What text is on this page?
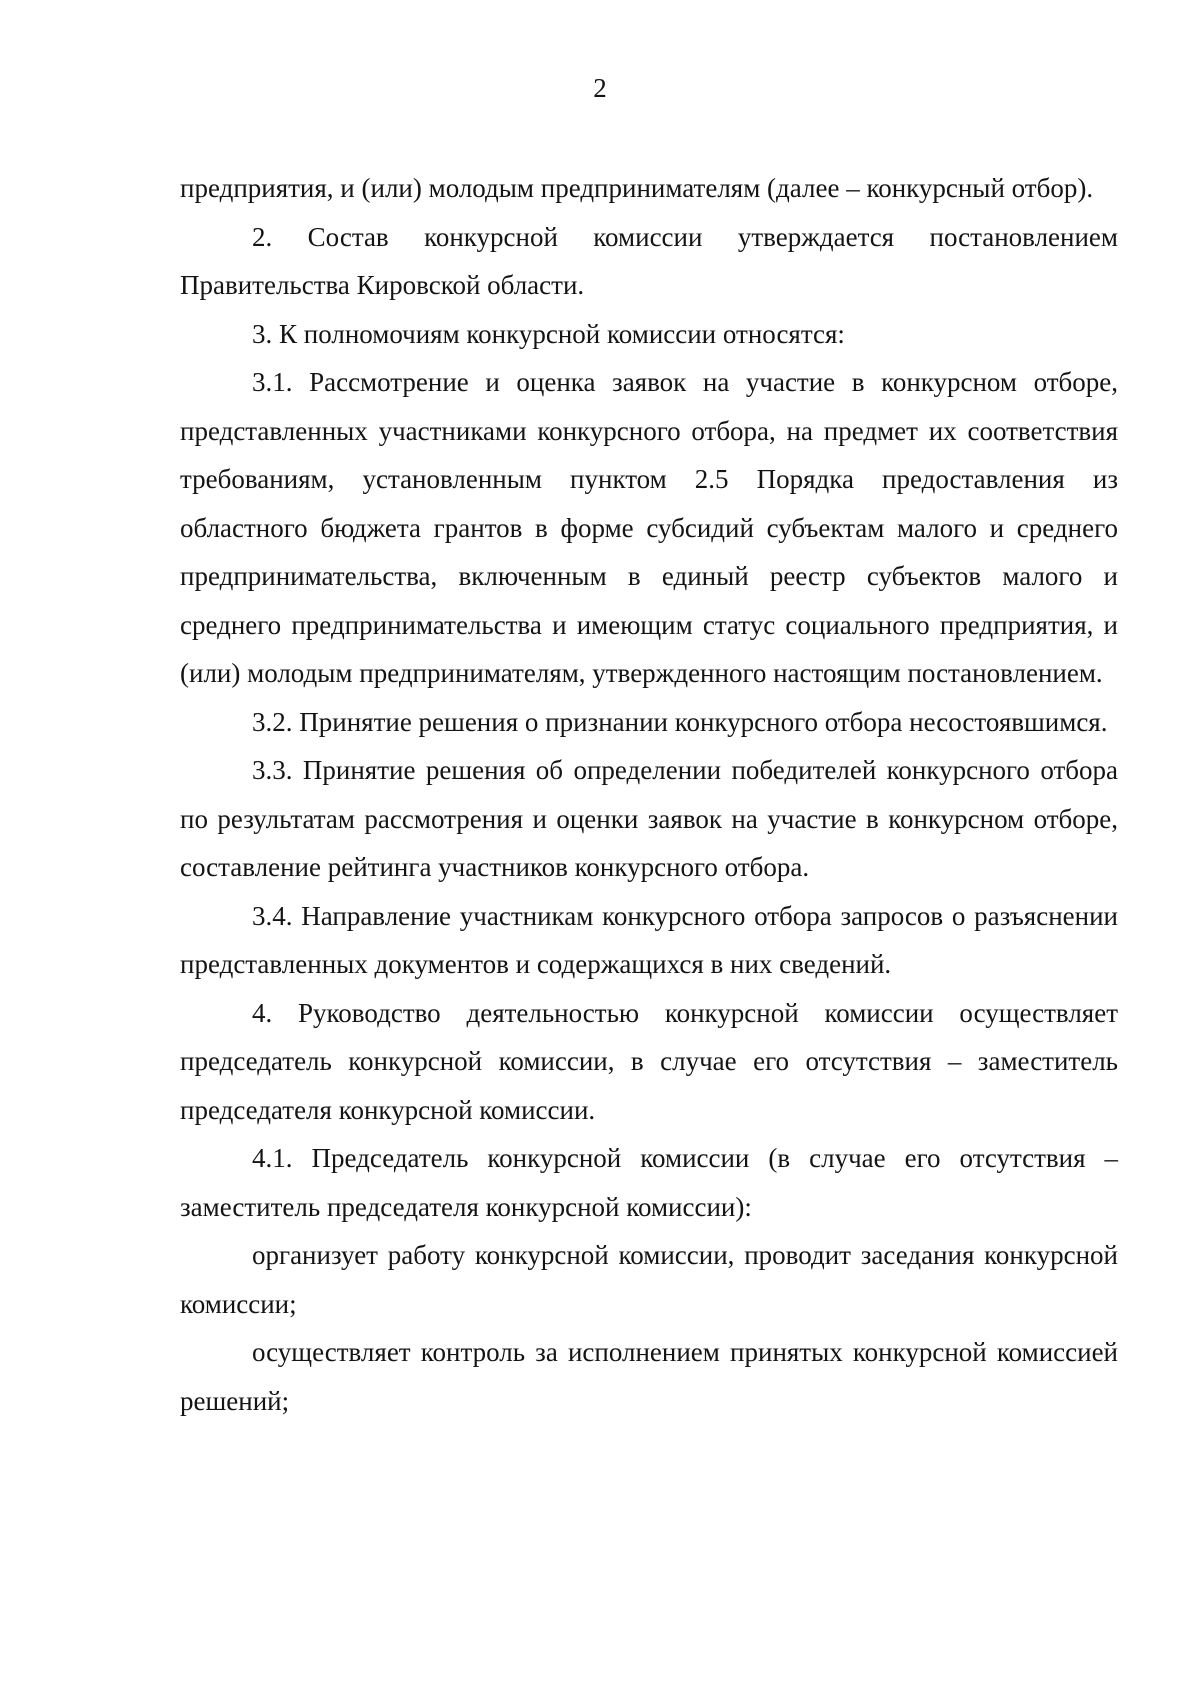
2

предприятия, и (или) молодым предпринимателям (далее – конкурсный отбор).

2. Состав конкурсной комиссии утверждается постановлением Правительства Кировской области.

3. К полномочиям конкурсной комиссии относятся:

3.1. Рассмотрение и оценка заявок на участие в конкурсном отборе, представленных участниками конкурсного отбора, на предмет их соответствия требованиям, установленным пунктом 2.5 Порядка предоставления из областного бюджета грантов в форме субсидий субъектам малого и среднего предпринимательства, включенным в единый реестр субъектов малого и среднего предпринимательства и имеющим статус социального предприятия, и (или) молодым предпринимателям, утвержденного настоящим постановлением.

3.2. Принятие решения о признании конкурсного отбора несостоявшимся.

3.3. Принятие решения об определении победителей конкурсного отбора по результатам рассмотрения и оценки заявок на участие в конкурсном отборе, составление рейтинга участников конкурсного отбора.

3.4. Направление участникам конкурсного отбора запросов о разъяснении представленных документов и содержащихся в них сведений.

4. Руководство деятельностью конкурсной комиссии осуществляет председатель конкурсной комиссии, в случае его отсутствия – заместитель председателя конкурсной комиссии.

4.1. Председатель конкурсной комиссии (в случае его отсутствия – заместитель председателя конкурсной комиссии):

организует работу конкурсной комиссии, проводит заседания конкурсной комиссии;

осуществляет контроль за исполнением принятых конкурсной комиссией решений;
